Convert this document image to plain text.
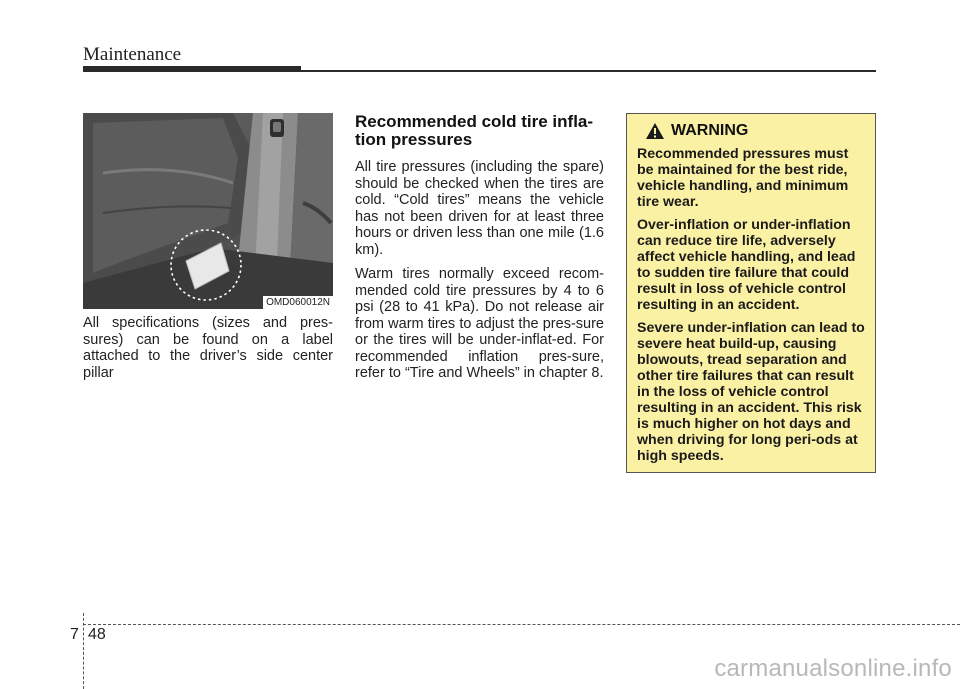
Maintenance
OMD060012N

All specifications (sizes and pres-sures) can be found on a label attached to the driver’s side center pillar

Recommended cold tire infla-tion pressures

All tire pressures (including the spare) should be checked when the tires are cold. “Cold tires” means the vehicle has not been driven for at least three hours or driven less than one mile (1.6 km).

Warm tires normally exceed recom-mended cold tire pressures by 4 to 6 psi (28 to 41 kPa). Do not release air from warm tires to adjust the pres-sure or the tires will be under-inflat-ed. For recommended inflation pres-sure, refer to “Tire and Wheels” in chapter 8.

WARNING

Recommended pressures must be maintained for the best ride, vehicle handling, and minimum tire wear.

Over-inflation or under-inflation can reduce tire life, adversely affect vehicle handling, and lead to sudden tire failure that could result in loss of vehicle control resulting in an accident.

Severe under-inflation can lead to severe heat build-up, causing blowouts, tread separation and other tire failures that can result in the loss of vehicle control resulting in an accident. This risk is much higher on hot days and when driving for long peri-ods at high speeds.

7 48
carmanualsonline.info
